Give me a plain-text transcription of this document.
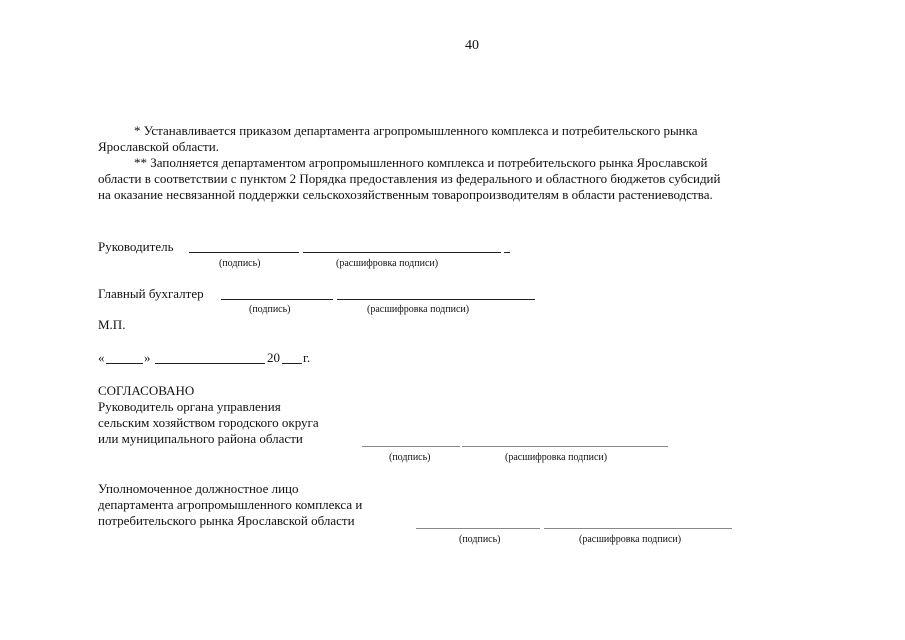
40
* Устанавливается приказом департамента агропромышленного комплекса и потребительского рынка
Ярославской области.
** Заполняется департаментом агропромышленного комплекса и потребительского рынка Ярославской
области в соответствии с пунктом 2 Порядка предоставления из федерального и областного бюджетов субсидий
на оказание несвязанной поддержки сельскохозяйственным товаропроизводителям в области растениеводства.
Руководитель
(подпись)	(расшифровка подписи)
Главный бухгалтер
(подпись)	(расшифровка подписи)
М.П.
«	»	20 г.
СОГЛАСОВАНО
Руководитель органа управления
сельским хозяйством городского округа
или муниципального района области
(подпись)	(расшифровка подписи)
Уполномоченное должностное лицо
департамента агропромышленного комплекса и
потребительского рынка Ярославской области
(подпись)	(расшифровка подписи)
